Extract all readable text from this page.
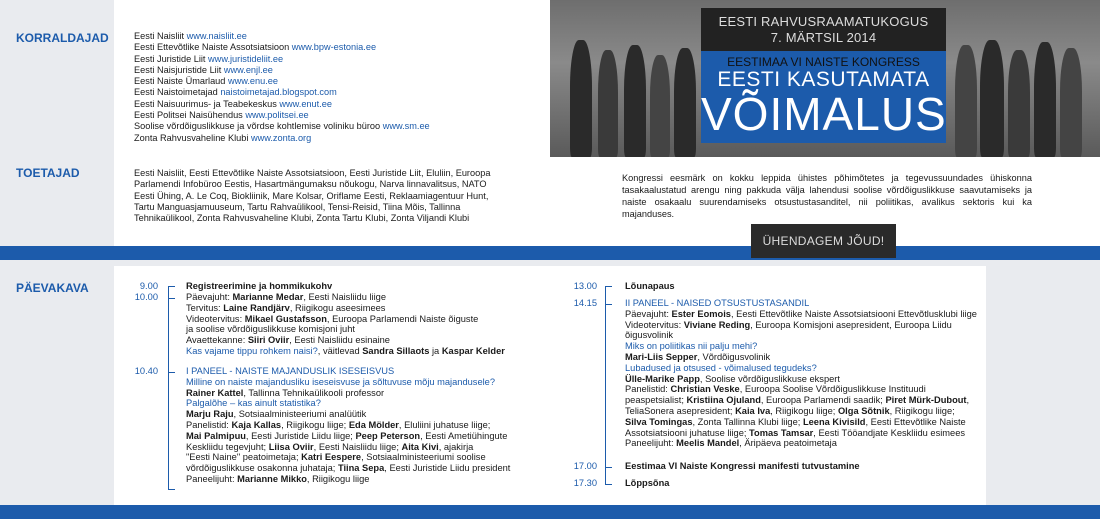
KORRALDAJAD
TOETAJAD
PÄEVAKAVA
Eesti Naisliit www.naisliit.ee
Eesti Ettevõtlike Naiste Assotsiatsioon www.bpw-estonia.ee
Eesti Juristide Liit www.juristideliit.ee
Eesti Naisjuristide Liit www.enjl.ee
Eesti Naiste Ümarlaud www.enu.ee
Eesti Naistoimetajad naistoimetajad.blogspot.com
Eesti Naisuurimus- ja Teabekeskus www.enut.ee
Eesti Politsei Naisühendus www.politsei.ee
Soolise võrdõiguslikkuse ja võrdse kohtlemise voliniku büroo www.sm.ee
Zonta Rahvusvaheline Klubi www.zonta.org
Eesti Naisliit, Eesti Ettevõtlike Naiste Assotsiatsioon, Eesti Juristide Liit, Eluliin, Euroopa Parlamendi Infobüroo Eestis, Hasartmängumaksu nõukogu, Narva linnavalitsus, NATO Eesti Ühing, A. Le Coq, Biokliinik, Mare Kolsar, Oriflame Eesti, Reklaamiagentuur Hunt, Tartu Manguasjamuuseum, Tartu Rahvaülikool, Tensi-Reisid, Tiina Mõis, Tallinna Tehnikaülikool, Zonta Rahvusvaheline Klubi, Zonta Tartu Klubi, Zonta Viljandi Klubi
EESTI RAHVUSRAAMATUKOGUS
7. MÄRTSIL 2014
EESTIMAA VI NAISTE KONGRESS
EESTI KASUTAMATA
VÕIMALUS
Kongressi eesmärk on kokku leppida ühistes põhimõtetes ja tegevussuundades ühiskonna tasakaalustatud arengu ning pakkuda välja lahendusi soolise võrdõiguslikkuse saavutamiseks ja naiste osakaalu suurendamiseks otsustustasanditel, nii poliitikas, avalikus sektoris kui ka majanduses.
ÜHENDAGEM JÕUD!
9.00
10.00
10.40
Registreerimine ja hommikukohv
Päevajuht: Marianne Medar, Eesti Naisliidu liige
Tervitus: Laine Randjärv, Riigikogu aseesimees
Videotervitus: Mikael Gustafsson, Euroopa Parlamendi Naiste õiguste
ja soolise võrdõiguslikkuse komisjoni juht
Avaettekanne: Siiri Oviir, Eesti Naisliidu esinaine
Kas vajame tippu rohkem naisi?, väitlevad Sandra Sillaots ja Kaspar Kelder
I PANEEL - NAISTE MAJANDUSLIK ISESEISVUS
Milline on naiste majandusliku iseseisvuse ja sõltuvuse mõju majandusele?
Rainer Kattel, Tallinna Tehnikaülikooli professor
Palgalõhe – kas ainult statistika?
Marju Raju, Sotsiaalministeeriumi analüütik
Panelistid: Kaja Kallas, Riigikogu liige; Eda Mölder, Eluliini juhatuse liige;
Mai Palmipuu, Eesti Juristide Liidu liige; Peep Peterson, Eesti Ametiühingute
Keskliidu tegevjuht; Liisa Oviir, Eesti Naisliidu liige; Aita Kivi, ajakirja
"Eesti Naine" peatoimetaja; Katri Eespere, Sotsiaalministeeriumi soolise
võrdõiguslikkuse osakonna juhataja; Tiina Sepa, Eesti Juristide Liidu president
Paneelijuht: Marianne Mikko, Riigikogu liige
13.00
14.15
17.00
17.30
Lõunapaus
II PANEEL - NAISED OTSUSTUSTASANDIL
Päevajuht: Ester Eomois, Eesti Ettevõtlike Naiste Assotsiatsiooni Ettevõtlusklubi liige
Videotervitus: Viviane Reding, Euroopa Komisjoni asepresident, Euroopa Liidu
õigusvolinik
Miks on poliitikas nii palju mehi?
Mari-Liis Sepper, Võrdõigusvolinik
Lubadused ja otsused - võimalused tegudeks?
Ülle-Marike Papp, Soolise võrdõiguslikkuse ekspert
Panelistid: Christian Veske, Euroopa Soolise Võrdõiguslikkuse Instituudi
peaspetsialist; Kristiina Ojuland, Euroopa Parlamendi saadik; Piret Mürk-Dubout,
TeliaSonera asepresident; Kaia Iva, Riigikogu liige; Olga Sõtnik, Riigikogu liige;
Silva Tomingas, Zonta Tallinna Klubi liige; Leena Kivisild, Eesti Ettevõtlike Naiste
Assotsiatsiooni juhatuse liige; Tomas Tamsar, Eesti Tööandjate Keskliidu esimees
Paneelijuht: Meelis Mandel, Äripäeva peatoimetaja
Eestimaa VI Naiste Kongressi manifesti tutvustamine
Lõppsõna
